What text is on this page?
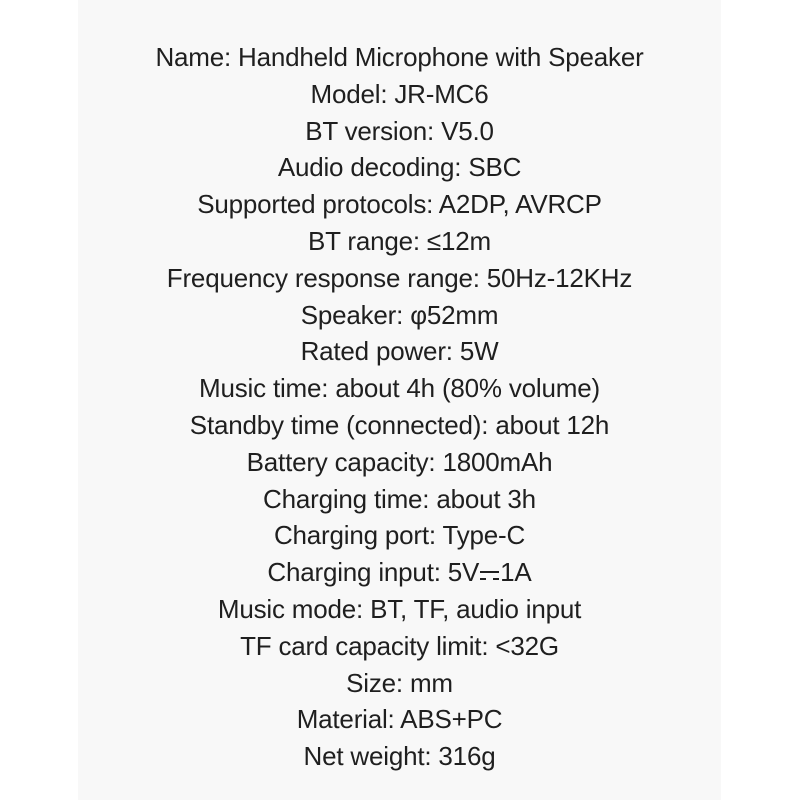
Name: Handheld Microphone with Speaker
Model: JR-MC6
BT version: V5.0
Audio decoding: SBC
Supported protocols: A2DP, AVRCP
BT range: ≤12m
Frequency response range: 50Hz-12KHz
Speaker: φ52mm
Rated power: 5W
Music time: about 4h (80% volume)
Standby time (connected): about 12h
Battery capacity: 1800mAh
Charging time: about 3h
Charging port: Type-C
Charging input: 5V 1A
Music mode: BT, TF, audio input
TF card capacity limit: <32G
Size: mm
Material: ABS+PC
Net weight: 316g
